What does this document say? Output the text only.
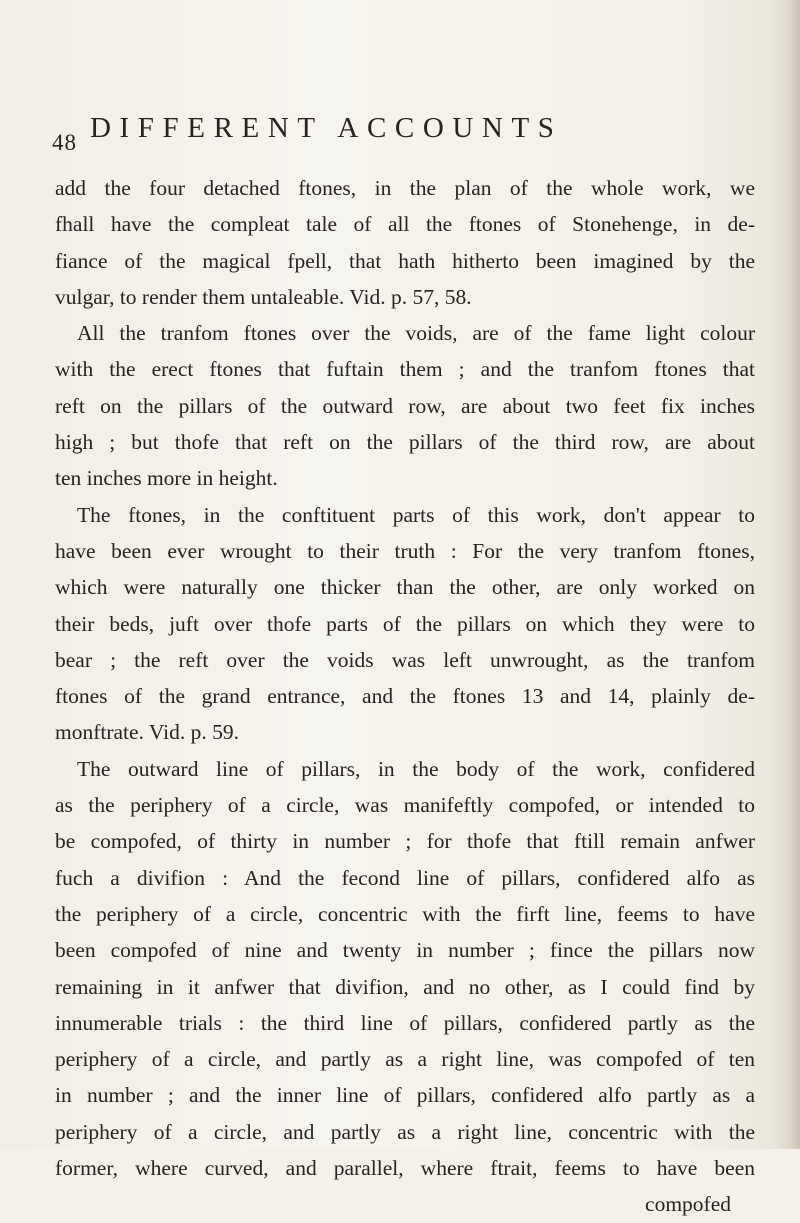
48 DIFFERENT ACCOUNTS
add the four detached ftones, in the plan of the whole work, we
fhall have the compleat tale of all the ftones of Stonehenge, in de-
fiance of the magical fpell, that hath hitherto been imagined by the
vulgar, to render them untaleable. Vid. p. 57, 58.
All the tranfom ftones over the voids, are of the fame light colour
with the erect ftones that fuftain them ; and the tranfom ftones that
reft on the pillars of the outward row, are about two feet fix inches
high ; but thofe that reft on the pillars of the third row, are about
ten inches more in height.
The ftones, in the conftituent parts of this work, don't appear to
have been ever wrought to their truth : For the very tranfom ftones,
which were naturally one thicker than the other, are only worked on
their beds, juft over thofe parts of the pillars on which they were to
bear ; the reft over the voids was left unwrought, as the tranfom
ftones of the grand entrance, and the ftones 13 and 14, plainly de-
monftrate. Vid. p. 59.
The outward line of pillars, in the body of the work, confidered
as the periphery of a circle, was manifeftly compofed, or intended to
be compofed, of thirty in number ; for thofe that ftill remain anfwer
fuch a divifion : And the fecond line of pillars, confidered alfo as
the periphery of a circle, concentric with the firft line, feems to have
been compofed of nine and twenty in number ; fince the pillars now
remaining in it anfwer that divifion, and no other, as I could find by
innumerable trials : the third line of pillars, confidered partly as the
periphery of a circle, and partly as a right line, was compofed of ten
in number ; and the inner line of pillars, confidered alfo partly as a
periphery of a circle, and partly as a right line, concentric with the
former, where curved, and parallel, where ftrait, feems to have been
compofed
